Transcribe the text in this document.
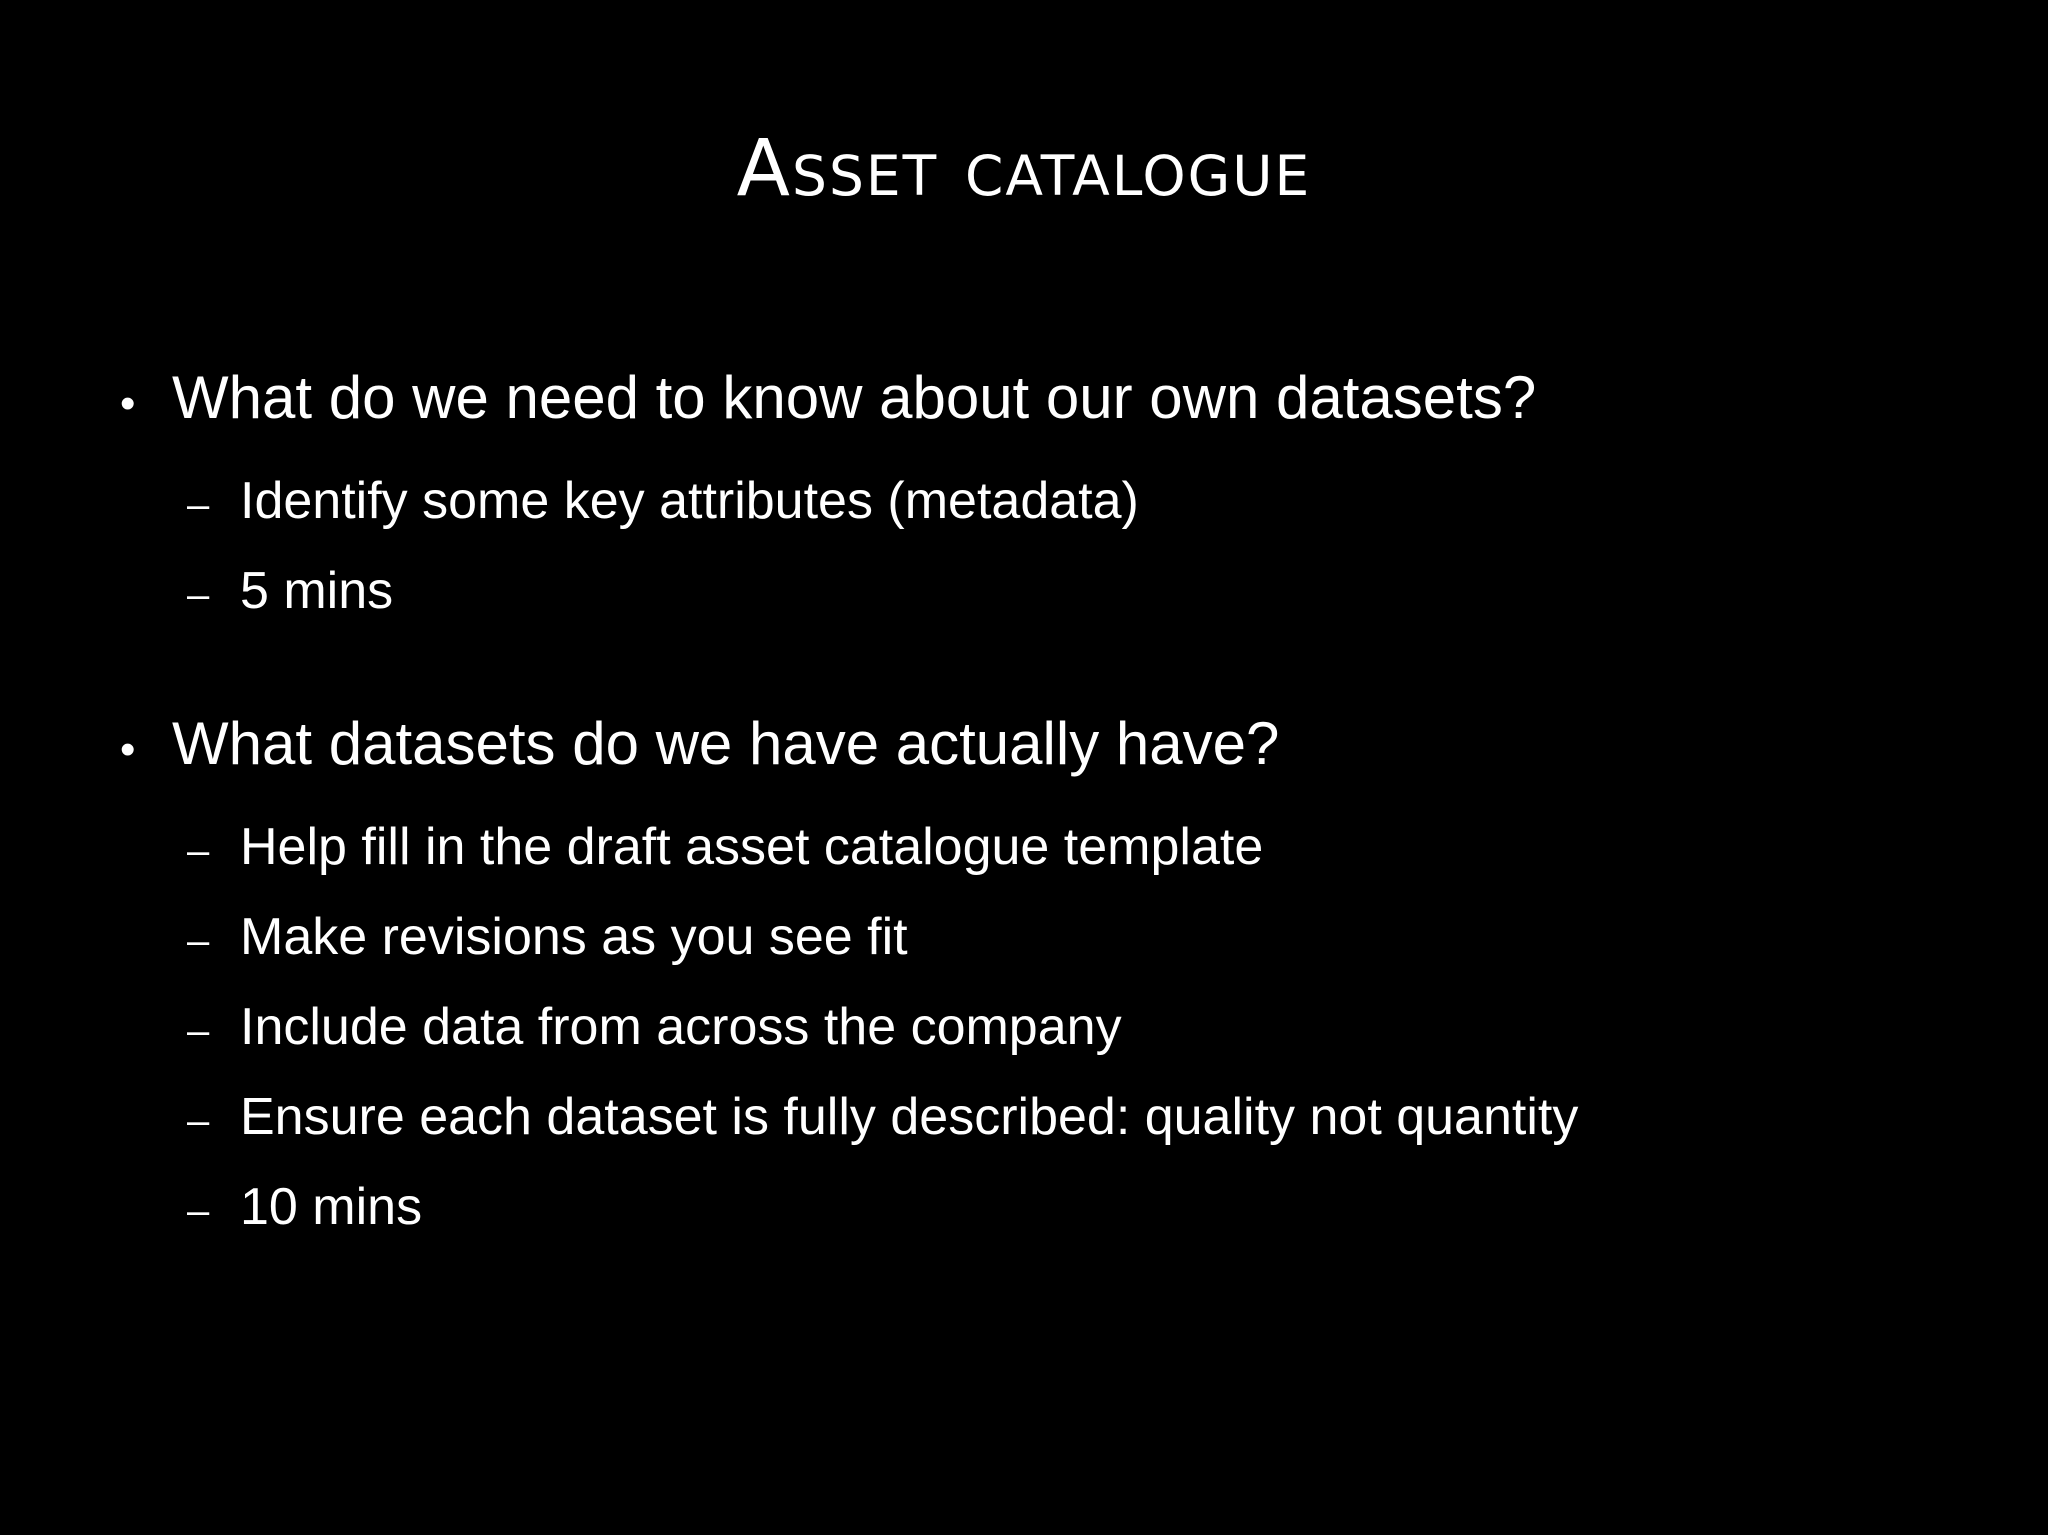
Asset catalogue
• What do we need to know about our own datasets?
– Identify some key attributes (metadata)
– 5 mins
• What datasets do we have actually have?
– Help fill in the draft asset catalogue template
– Make revisions as you see fit
– Include data from across the company
– Ensure each dataset is fully described: quality not quantity
– 10 mins
